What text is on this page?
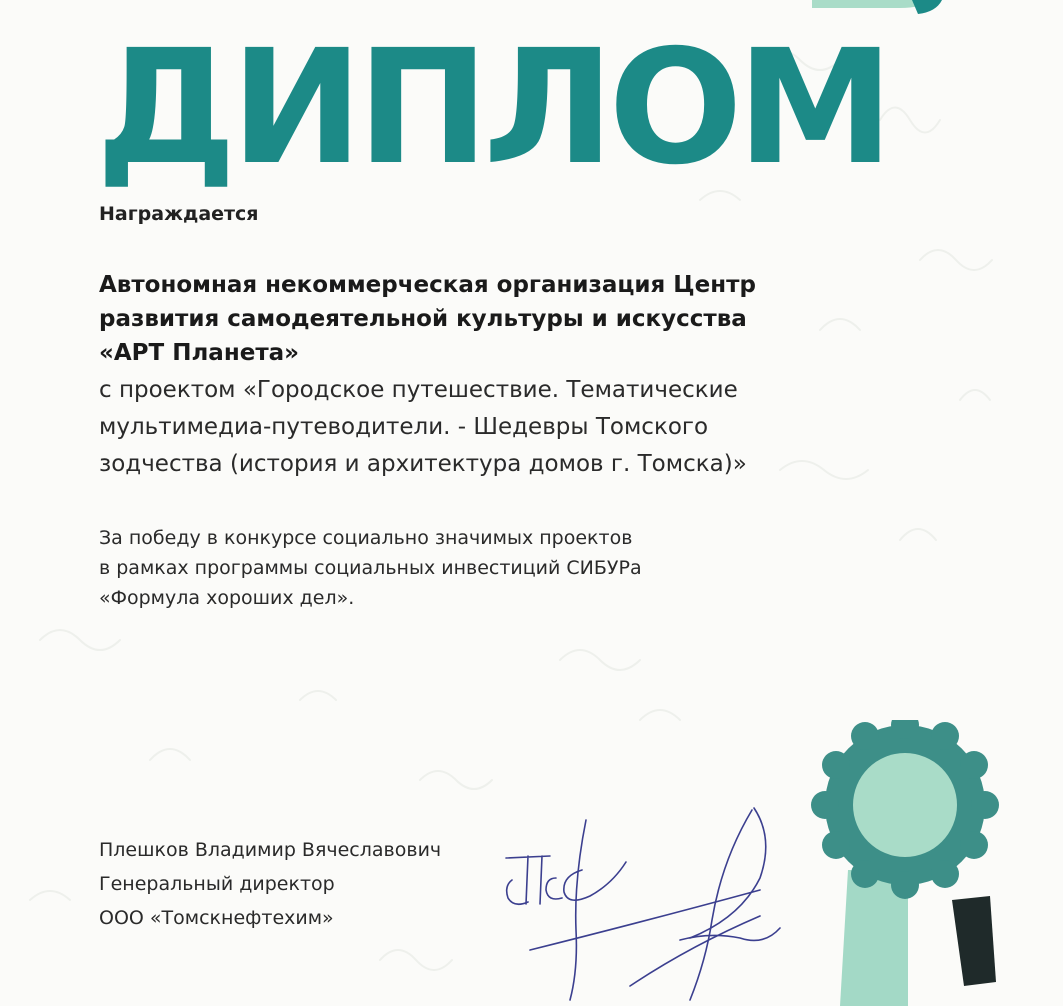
ДИПЛОМ
Награждается
Автономная некоммерческая организация Центр
развития самодеятельной культуры и искусства
«АРТ Планета»
с проектом «Городское путешествие. Тематические
мультимедиа-путеводители. - Шедевры Томского
зодчества (история и архитектура домов г. Томска)»
За победу в конкурсе социально значимых проектов
в рамках программы социальных инвестиций СИБУРа
«Формула хороших дел».
Плешков Владимир Вячеславович
Генеральный директор
ООО «Томскнефтехим»
